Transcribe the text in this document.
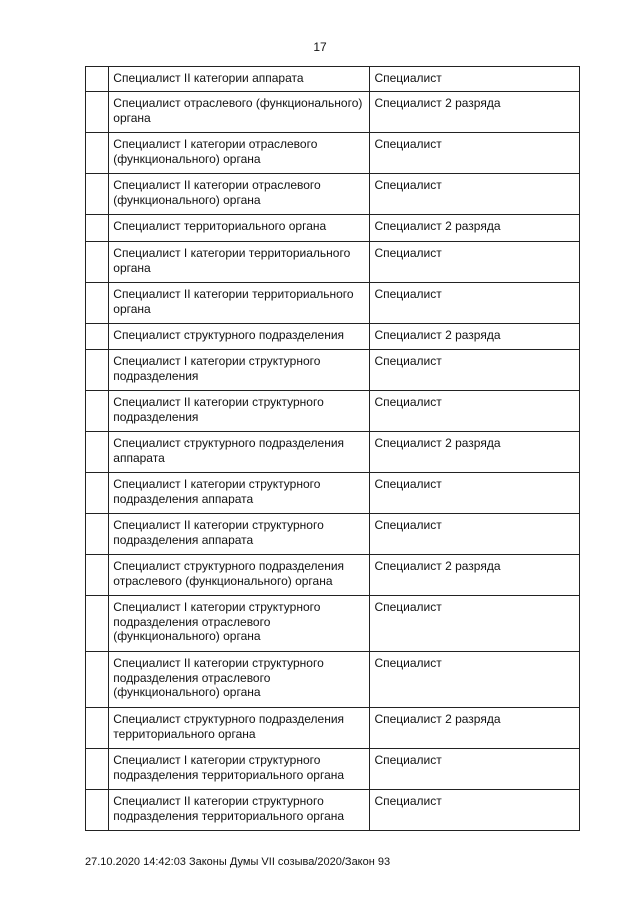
17
	Специалист II категории аппарата	Специалист
	Специалист отраслевого (функционального) органа	Специалист 2 разряда
	Специалист I категории отраслевого (функционального) органа	Специалист
	Специалист II категории отраслевого (функционального) органа	Специалист
	Специалист территориального органа	Специалист 2 разряда
	Специалист I категории территориального органа	Специалист
	Специалист II категории территориального органа	Специалист
	Специалист структурного подразделения	Специалист 2 разряда
	Специалист I категории структурного подразделения	Специалист
	Специалист II категории структурного подразделения	Специалист
	Специалист структурного подразделения аппарата	Специалист 2 разряда
	Специалист I категории структурного подразделения аппарата	Специалист
	Специалист II категории структурного подразделения аппарата	Специалист
	Специалист структурного подразделения отраслевого (функционального) органа	Специалист 2 разряда
	Специалист I категории структурного подразделения отраслевого (функционального) органа	Специалист
	Специалист II категории структурного подразделения отраслевого (функционального) органа	Специалист
	Специалист структурного подразделения территориального органа	Специалист 2 разряда
	Специалист I категории структурного подразделения территориального органа	Специалист
	Специалист II категории структурного подразделения территориального органа	Специалист
27.10.2020 14:42:03 Законы Думы VII созыва/2020/Закон 93
